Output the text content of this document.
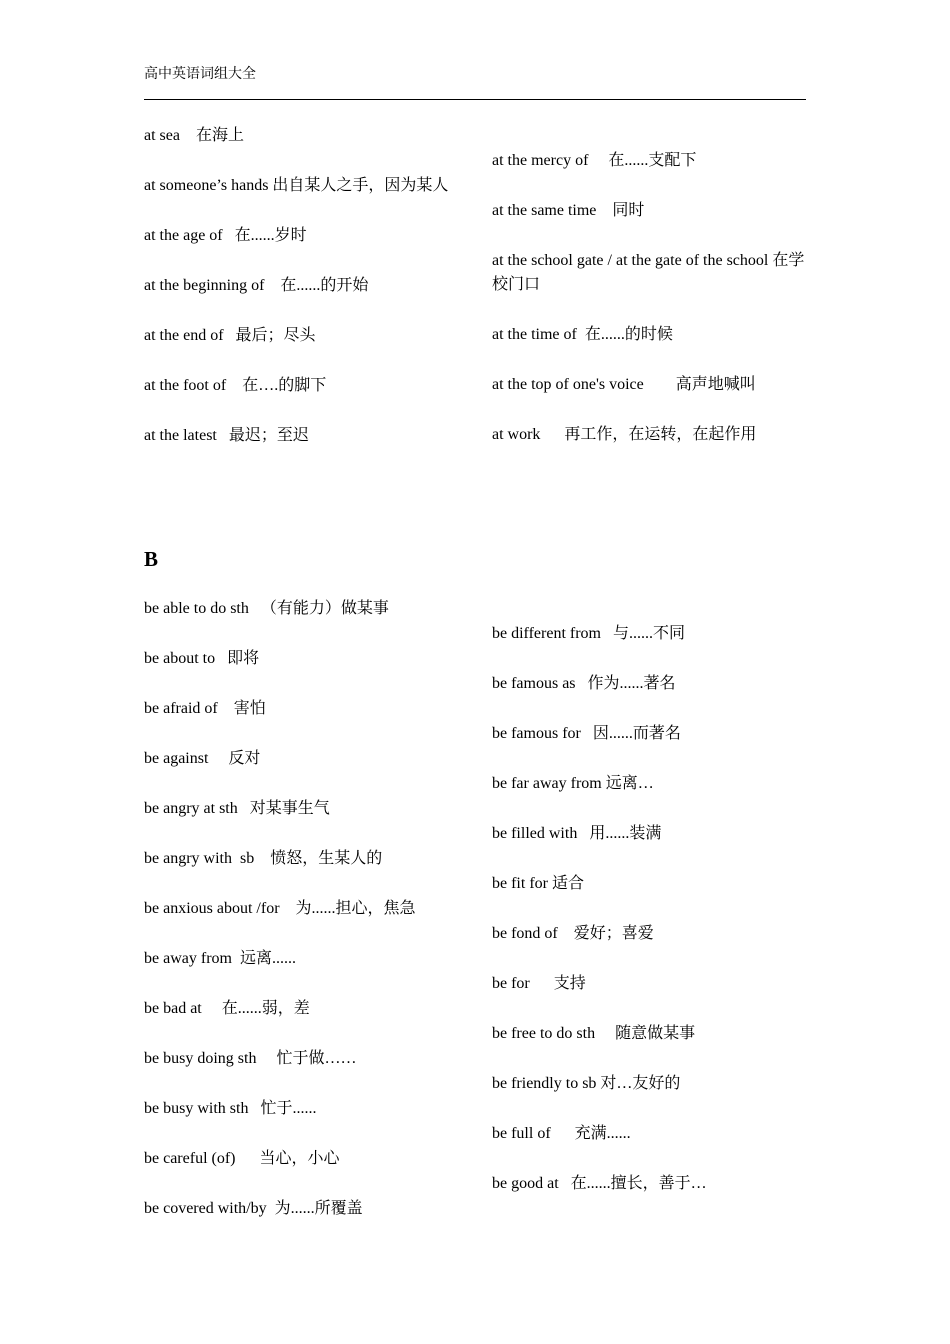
高中英语词组大全
at sea    在海上
at someone’s hands 出自某人之手，因为某人
at the age of   在......岁时
at the beginning of    在......的开始
at the end of   最后；尽头
at the foot of    在….的脚下
at the latest   最迟；至迟
at the mercy of     在......支配下
at the same time    同时
at the school gate / at the gate of the school 在学校门口
at the time of  在......的时候
at the top of one's voice        高声地喊叫
at work      再工作，在运转，在起作用
B
be able to do sth   （有能力）做某事
be about to   即将
be afraid of    害怕
be against     反对
be angry at sth   对某事生气
be angry with  sb    愤怒，生某人的
be anxious about /for    为......担心，焦急
be away from  远离......
be bad at     在......弱，差
be busy doing sth     忙于做……
be busy with sth   忙于......
be careful (of)      当心，小心
be covered with/by  为......所覆盖
be different from   与......不同
be famous as   作为......著名
be famous for   因......而著名
be far away from 远离…
be filled with   用......装满
be fit for 适合
be fond of    爱好；喜爱
be for      支持
be free to do sth     随意做某事
be friendly to sb 对…友好的
be full of      充满......
be good at   在......擅长，善于…
